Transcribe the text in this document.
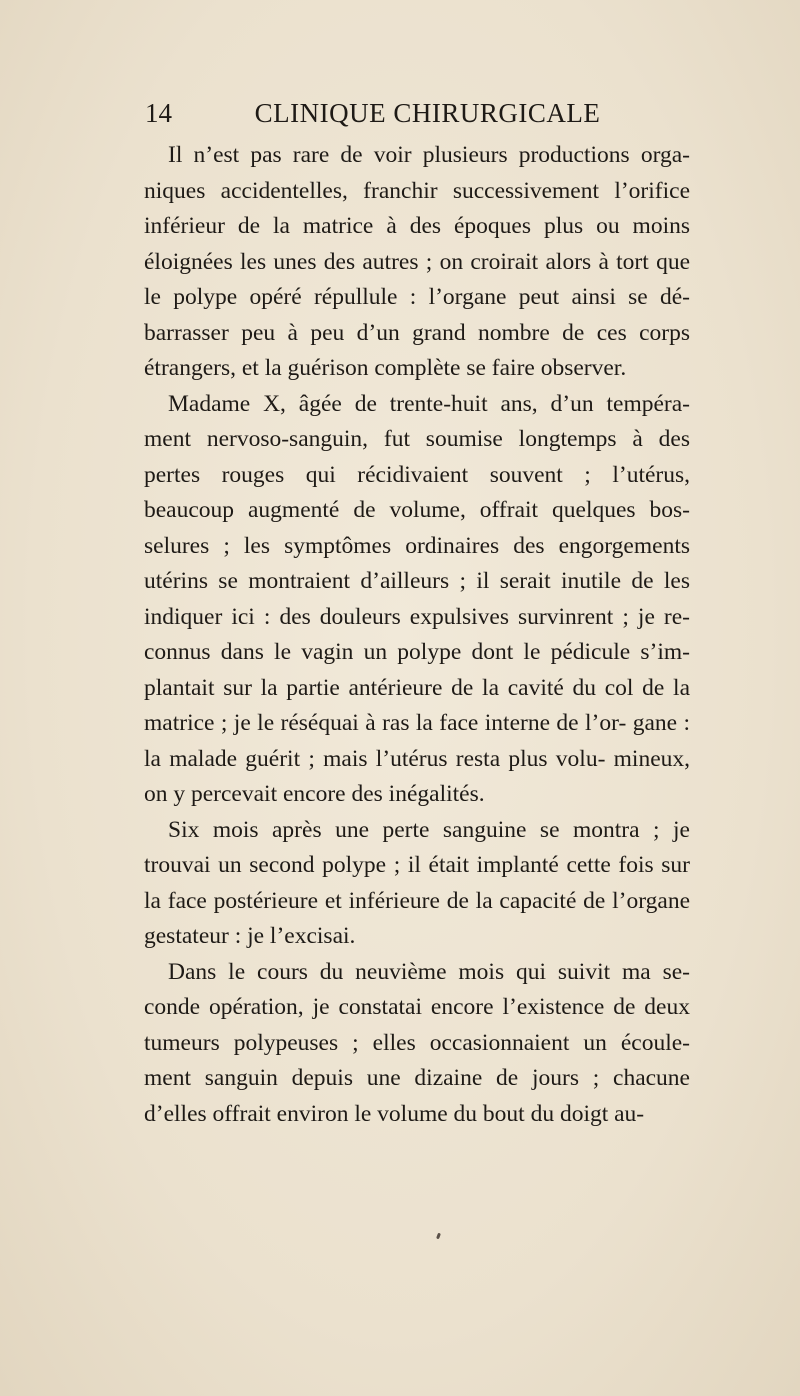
14	CLINIQUE CHIRURGICALE

Il n’est pas rare de voir plusieurs productions orga- niques accidentelles, franchir successivement l’orifice inférieur de la matrice à des époques plus ou moins éloignées les unes des autres ; on croirait alors à tort que le polype opéré répullule : l’organe peut ainsi se dé- barrasser peu à peu d’un grand nombre de ces corps étrangers, et la guérison complète se faire observer.

Madame X, âgée de trente-huit ans, d’un tempéra- ment nervoso-sanguin, fut soumise longtemps à des pertes rouges qui récidivaient souvent ; l’utérus, beaucoup augmenté de volume, offrait quelques bos- selures ; les symptômes ordinaires des engorgements utérins se montraient d’ailleurs ; il serait inutile de les indiquer ici : des douleurs expulsives survinrent ; je re- connus dans le vagin un polype dont le pédicule s’im- plantait sur la partie antérieure de la cavité du col de la matrice ; je le réséquai à ras la face interne de l’or- gane : la malade guérit ; mais l’utérus resta plus volu- mineux, on y percevait encore des inégalités.

Six mois après une perte sanguine se montra ; je trouvai un second polype ; il était implanté cette fois sur la face postérieure et inférieure de la capacité de l’organe gestateur : je l’excisai.

Dans le cours du neuvième mois qui suivit ma se- conde opération, je constatai encore l’existence de deux tumeurs polypeuses ; elles occasionnaient un écoule- ment sanguin depuis une dizaine de jours ; chacune d’elles offrait environ le volume du bout du doigt au-
